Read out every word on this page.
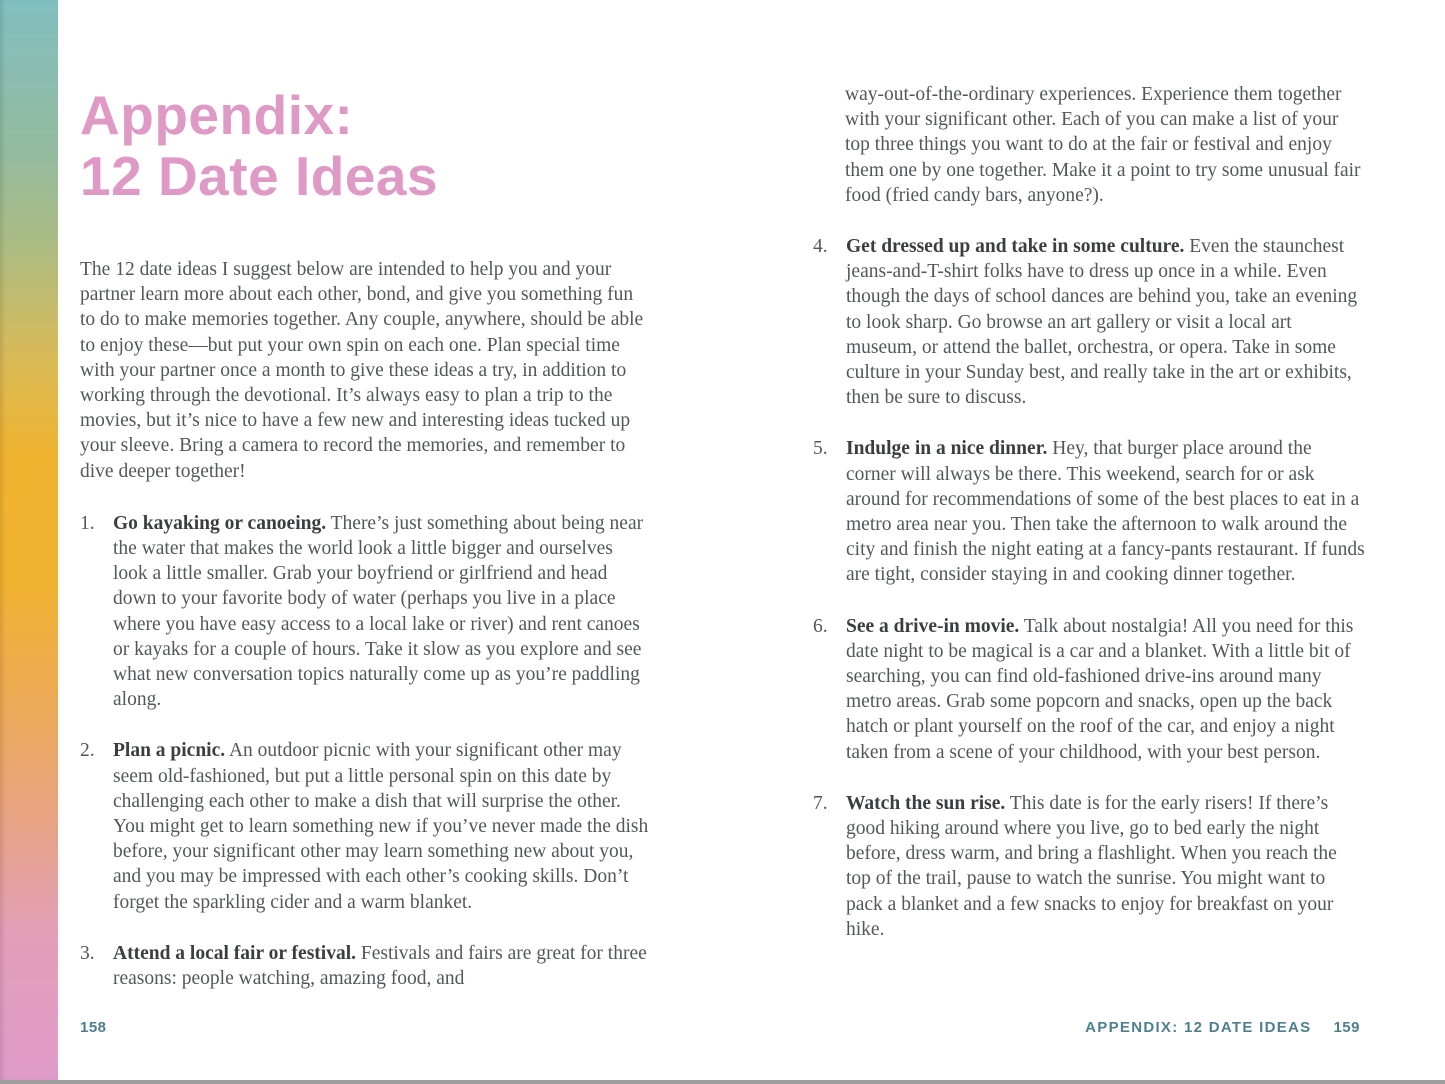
Appendix:
12 Date Ideas

The 12 date ideas I suggest below are intended to help you and your partner learn more about each other, bond, and give you something fun to do to make memories together. Any couple, anywhere, should be able to enjoy these—but put your own spin on each one. Plan special time with your partner once a month to give these ideas a try, in addition to working through the devotional. It’s always easy to plan a trip to the movies, but it’s nice to have a few new and interesting ideas tucked up your sleeve. Bring a camera to record the memories, and remember to dive deeper together!

1. Go kayaking or canoeing. There’s just something about being near the water that makes the world look a little bigger and ourselves look a little smaller. Grab your boyfriend or girlfriend and head down to your favorite body of water (perhaps you live in a place where you have easy access to a local lake or river) and rent canoes or kayaks for a couple of hours. Take it slow as you explore and see what new conversation topics naturally come up as you’re paddling along.
2. Plan a picnic. An outdoor picnic with your significant other may seem old-fashioned, but put a little personal spin on this date by challenging each other to make a dish that will surprise the other. You might get to learn something new if you’ve never made the dish before, your significant other may learn something new about you, and you may be impressed with each other’s cooking skills. Don’t forget the sparkling cider and a warm blanket.
3. Attend a local fair or festival. Festivals and fairs are great for three reasons: people watching, amazing food, and

way-out-of-the-ordinary experiences. Experience them together with your significant other. Each of you can make a list of your top three things you want to do at the fair or festival and enjoy them one by one together. Make it a point to try some unusual fair food (fried candy bars, anyone?).

4. Get dressed up and take in some culture. Even the staunchest jeans-and-T-shirt folks have to dress up once in a while. Even though the days of school dances are behind you, take an evening to look sharp. Go browse an art gallery or visit a local art museum, or attend the ballet, orchestra, or opera. Take in some culture in your Sunday best, and really take in the art or exhibits, then be sure to discuss.
5. Indulge in a nice dinner. Hey, that burger place around the corner will always be there. This weekend, search for or ask around for recommendations of some of the best places to eat in a metro area near you. Then take the afternoon to walk around the city and finish the night eating at a fancy-pants restaurant. If funds are tight, consider staying in and cooking dinner together.
6. See a drive-in movie. Talk about nostalgia! All you need for this date night to be magical is a car and a blanket. With a little bit of searching, you can find old-fashioned drive-ins around many metro areas. Grab some popcorn and snacks, open up the back hatch or plant yourself on the roof of the car, and enjoy a night taken from a scene of your childhood, with your best person.
7. Watch the sun rise. This date is for the early risers! If there’s good hiking around where you live, go to bed early the night before, dress warm, and bring a flashlight. When you reach the top of the trail, pause to watch the sunrise. You might want to pack a blanket and a few snacks to enjoy for breakfast on your hike.
158	APPENDIX: 12 DATE IDEAS 159
